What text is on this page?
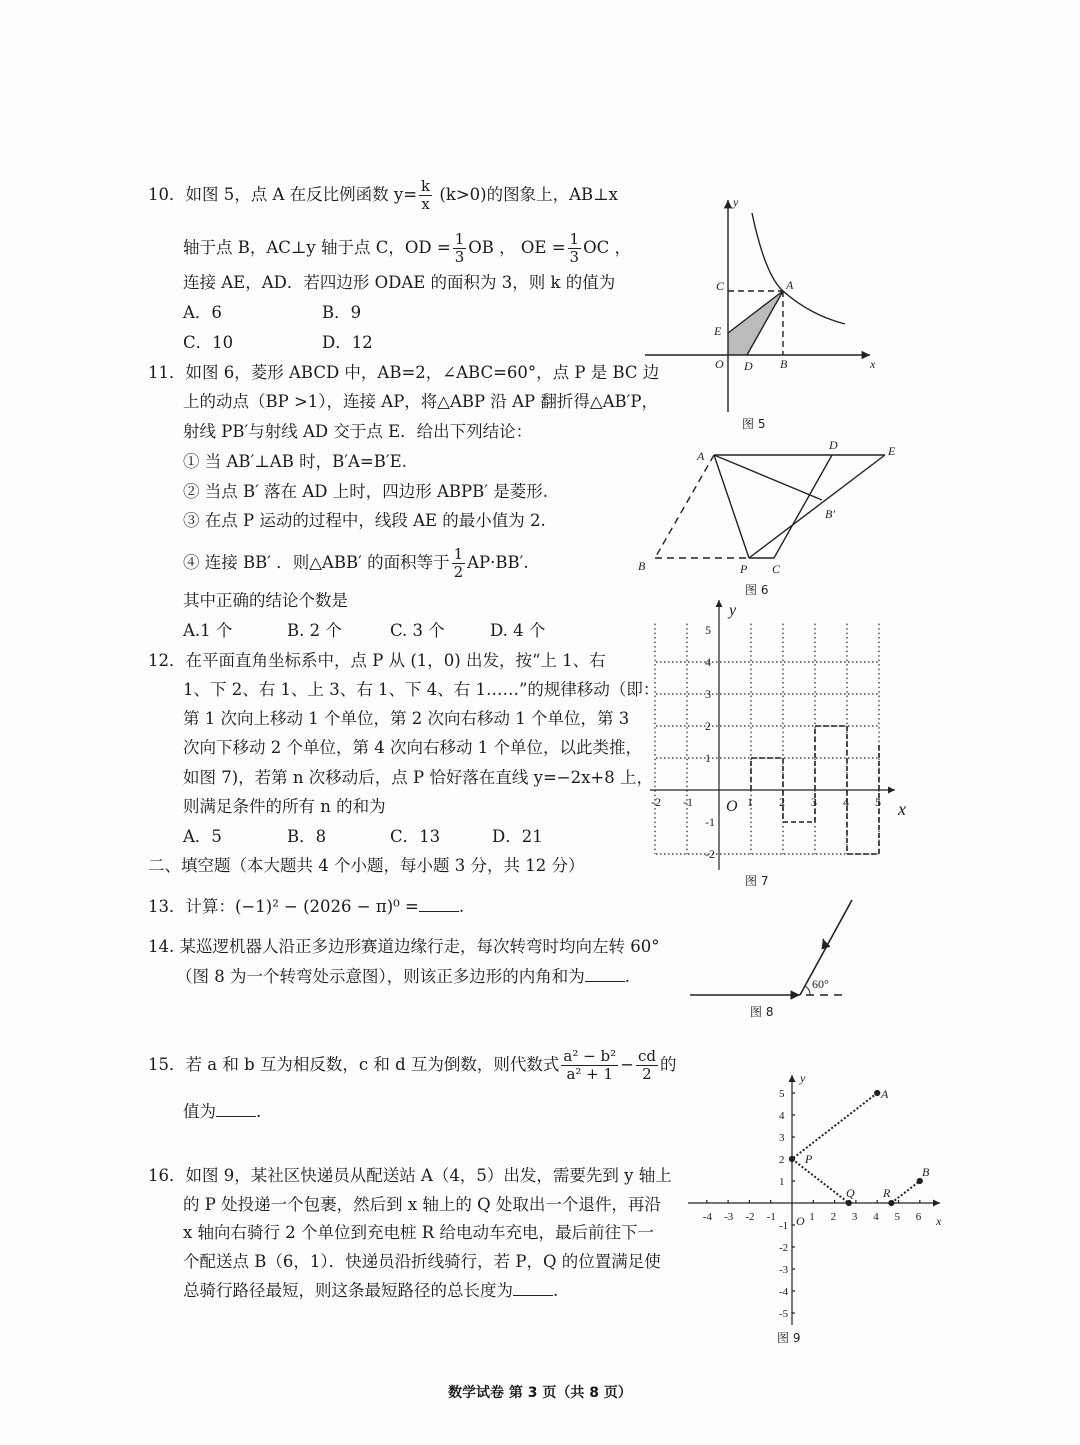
10．如图 5，点 A 在反比例函数 $y= \frac{k}{x} (k>0)$的图象上，AB⊥x
轴于点 B，AC⊥y 轴于点 C，OD = $\frac{1}{3}$ OB ， OE = $\frac{1}{3}$ OC ，
连接 AE，AD．若四边形 ODAE 的面积为 3，则 k 的值为
A．6	B．9
C．10	D．12
11．如图 6，菱形 ABCD 中，AB=2，∠ABC=60°，点 P 是 BC 边
上的动点（BP >1），连接 AP，将△ABP 沿 AP 翻折得△AB′P，
射线 PB′与射线 AD 交于点 E．给出下列结论：
① 当 AB′⊥AB 时，B′A=B′E.
② 当点 B′ 落在 AD 上时，四边形 ABPB′ 是菱形.
③ 在点 P 运动的过程中，线段 AE 的最小值为 2.
④ 连接 BB′ ．则△ABB′ 的面积等于 $\frac{1}{2} AP\cdot BB'$.
其中正确的结论个数是
A.1 个	B. 2 个	C. 3 个	D. 4 个
12．在平面直角坐标系中，点 P 从 (1，0) 出发，按“上 1、右
1、下 2、右 1、上 3、右 1、下 4、右 1……”的规律移动（即：
第 1 次向上移动 1 个单位，第 2 次向右移动 1 个单位，第 3
次向下移动 2 个单位，第 4 次向右移动 1 个单位，以此类推，
如图 7)，若第 n 次移动后，点 P 恰好落在直线 y=−2x+8 上，
则满足条件的所有 n 的和为
A．5	B．8	C．13	D．21
二、填空题（本大题共 4 个小题，每小题 3 分，共 12 分）
13．计算：(−1)² − (2026 − π)⁰ = .
14. 某巡逻机器人沿正多边形赛道边缘行走，每次转弯时均向左转 60°
（图 8 为一个转弯处示意图），则该正多边形的内角和为 .
15．若 a 和 b 互为相反数，c 和 d 互为倒数，则代数式 $\frac{\text{a² − b²}}{\text{a² + 1}} - \frac{cd}{2}$ 的
值为 .
16．如图 9，某社区快递员从配送站 A（4，5）出发，需要先到 y 轴上
的 P 处投递一个包裹，然后到 x 轴上的 Q 处取出一个退件，再沿
x 轴向右骑行 2 个单位到充电桩 R 给电动车充电，最后前往下一
个配送点 B（6，1）．快递员沿折线骑行，若 P，Q 的位置满足使
总骑行路径最短，则这条最短路径的总长度为 .
数学试卷 第 3 页（共 8 页）
y
x
C	A
E
O D B
图 5
A
D	E
B′
B	P C
图 6
-2 -1	1 2 3 4 5
5
4
3
2
1
-1
-2
y
x
O
图 7
60°
图 8
-4 -3 -2 -1	1 2 3 4 5 6
5
4
3
2
1
-1
-2
-3
-4
-5
y
x
O
A
P
Q R
B
图 9
